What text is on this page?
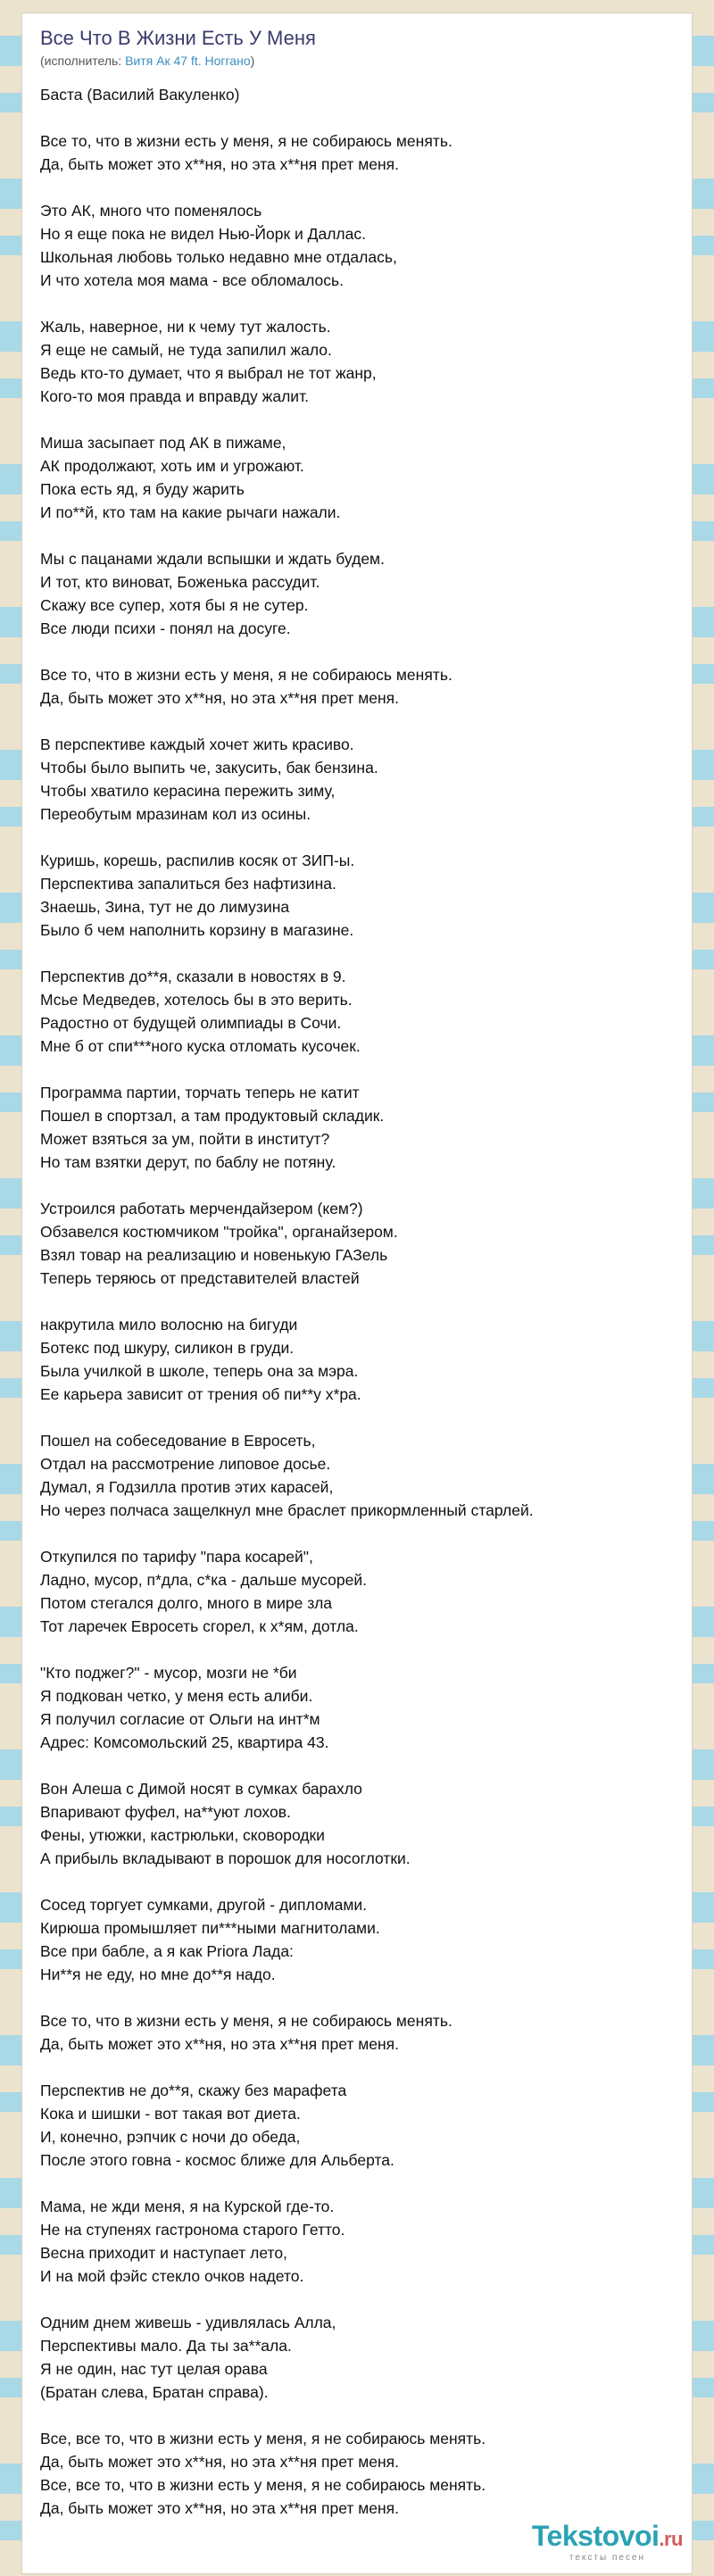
Все Что В Жизни Есть У Меня
(исполнитель: Витя Ак 47 ft. Ноггано)
Баста (Василий Вакуленко)
Все то, что в жизни есть у меня, я не собираюсь менять.
Да, быть может это х**ня, но эта х**ня прет меня.
Это АК, много что поменялось
Но я еще пока не видел Нью-Йорк и Даллас.
Школьная любовь только недавно мне отдалась,
И что хотела моя мама - все обломалось.
Жаль, наверное, ни к чему тут жалость.
Я еще не самый, не туда запилил жало.
Ведь кто-то думает, что я выбрал не тот жанр,
Кого-то моя правда и вправду жалит.
Миша засыпает под АК в пижаме,
АК продолжают, хоть им и угрожают.
Пока есть яд, я буду жарить
И по**й, кто там на какие рычаги нажали.
Мы с пацанами ждали вспышки и ждать будем.
И тот, кто виноват, Боженька рассудит.
Скажу все супер, хотя бы я не сутер.
Все люди психи - понял на досуге.
Все то, что в жизни есть у меня, я не собираюсь менять.
Да, быть может это х**ня, но эта х**ня прет меня.
В перспективе каждый хочет жить красиво.
Чтобы было выпить че, закусить, бак бензина.
Чтобы хватило керасина пережить зиму,
Переобутым мразинам кол из осины.
Куришь, корешь, распилив косяк от ЗИП-ы.
Перспектива запалиться без нафтизина.
Знаешь, Зина, тут не до лимузина
Было б чем наполнить корзину в магазине.
Перспектив до**я, сказали в новостях в 9.
Мсье Медведев, хотелось бы в это верить.
Радостно от будущей олимпиады в Сочи.
Мне б от спи***ного куска отломать кусочек.
Программа партии, торчать теперь не катит
Пошел в спортзал, а там продуктовый складик.
Может взяться за ум, пойти в институт?
Но там взятки дерут, по баблу не потяну.
Устроился работать мерчендайзером (кем?)
Обзавелся костюмчиком "тройка", органайзером.
Взял товар на реализацию и новенькую ГАЗель
Теперь теряюсь от представителей властей
накрутила мило волосню на бигуди
Ботекс под шкуру, силикон в груди.
Была училкой в школе, теперь она за мэра.
Ее карьера зависит от трения об пи**у х*ра.
Пошел на собеседование в Евросеть,
Отдал на рассмотрение липовое досье.
Думал, я Годзилла против этих карасей,
Но через полчаса защелкнул мне браслет прикормленный старлей.
Откупился по тарифу "пара косарей",
Ладно, мусор, п*дла, с*ка - дальше мусорей.
Потом стегался долго, много в мире зла
Тот ларечек Евросеть сгорел, к х*ям, дотла.
"Кто поджег?" - мусор, мозги не *би
Я подкован четко, у меня есть алиби.
Я получил согласие от Ольги на инт*м
Адрес: Комсомольский 25, квартира 43.
Вон Алеша с Димой носят в сумках барахло
Впаривают фуфел, на**уют лохов.
Фены, утюжки, кастрюльки, сковородки
А прибыль вкладывают в порошок для носоглотки.
Сосед торгует сумками, другой - дипломами.
Кирюша промышляет пи***ными магнитолами.
Все при бабле, а я как Priora Лада:
Ни**я не еду, но мне до**я надо.
Все то, что в жизни есть у меня, я не собираюсь менять.
Да, быть может это х**ня, но эта х**ня прет меня.
Перспектив не до**я, скажу без марафета
Кока и шишки - вот такая вот диета.
И, конечно, рэпчик с ночи до обеда,
После этого говна - космос ближе для Альберта.
Мама, не жди меня, я на Курской где-то.
Не на ступенях гастронома старого Гетто.
Весна приходит и наступает лето,
И на мой фэйс стекло очков надето.
Одним днем живешь - удивлялась Алла,
Перспективы мало. Да ты за**ала.
Я не один, нас тут целая орава
(Братан слева, Братан справа).
Все, все то, что в жизни есть у меня, я не собираюсь менять.
Да, быть может это х**ня, но эта х**ня прет меня.
Все, все то, что в жизни есть у меня, я не собираюсь менять.
Да, быть может это х**ня, но эта х**ня прет меня.
Tekstovoi.ru
тексты песен
